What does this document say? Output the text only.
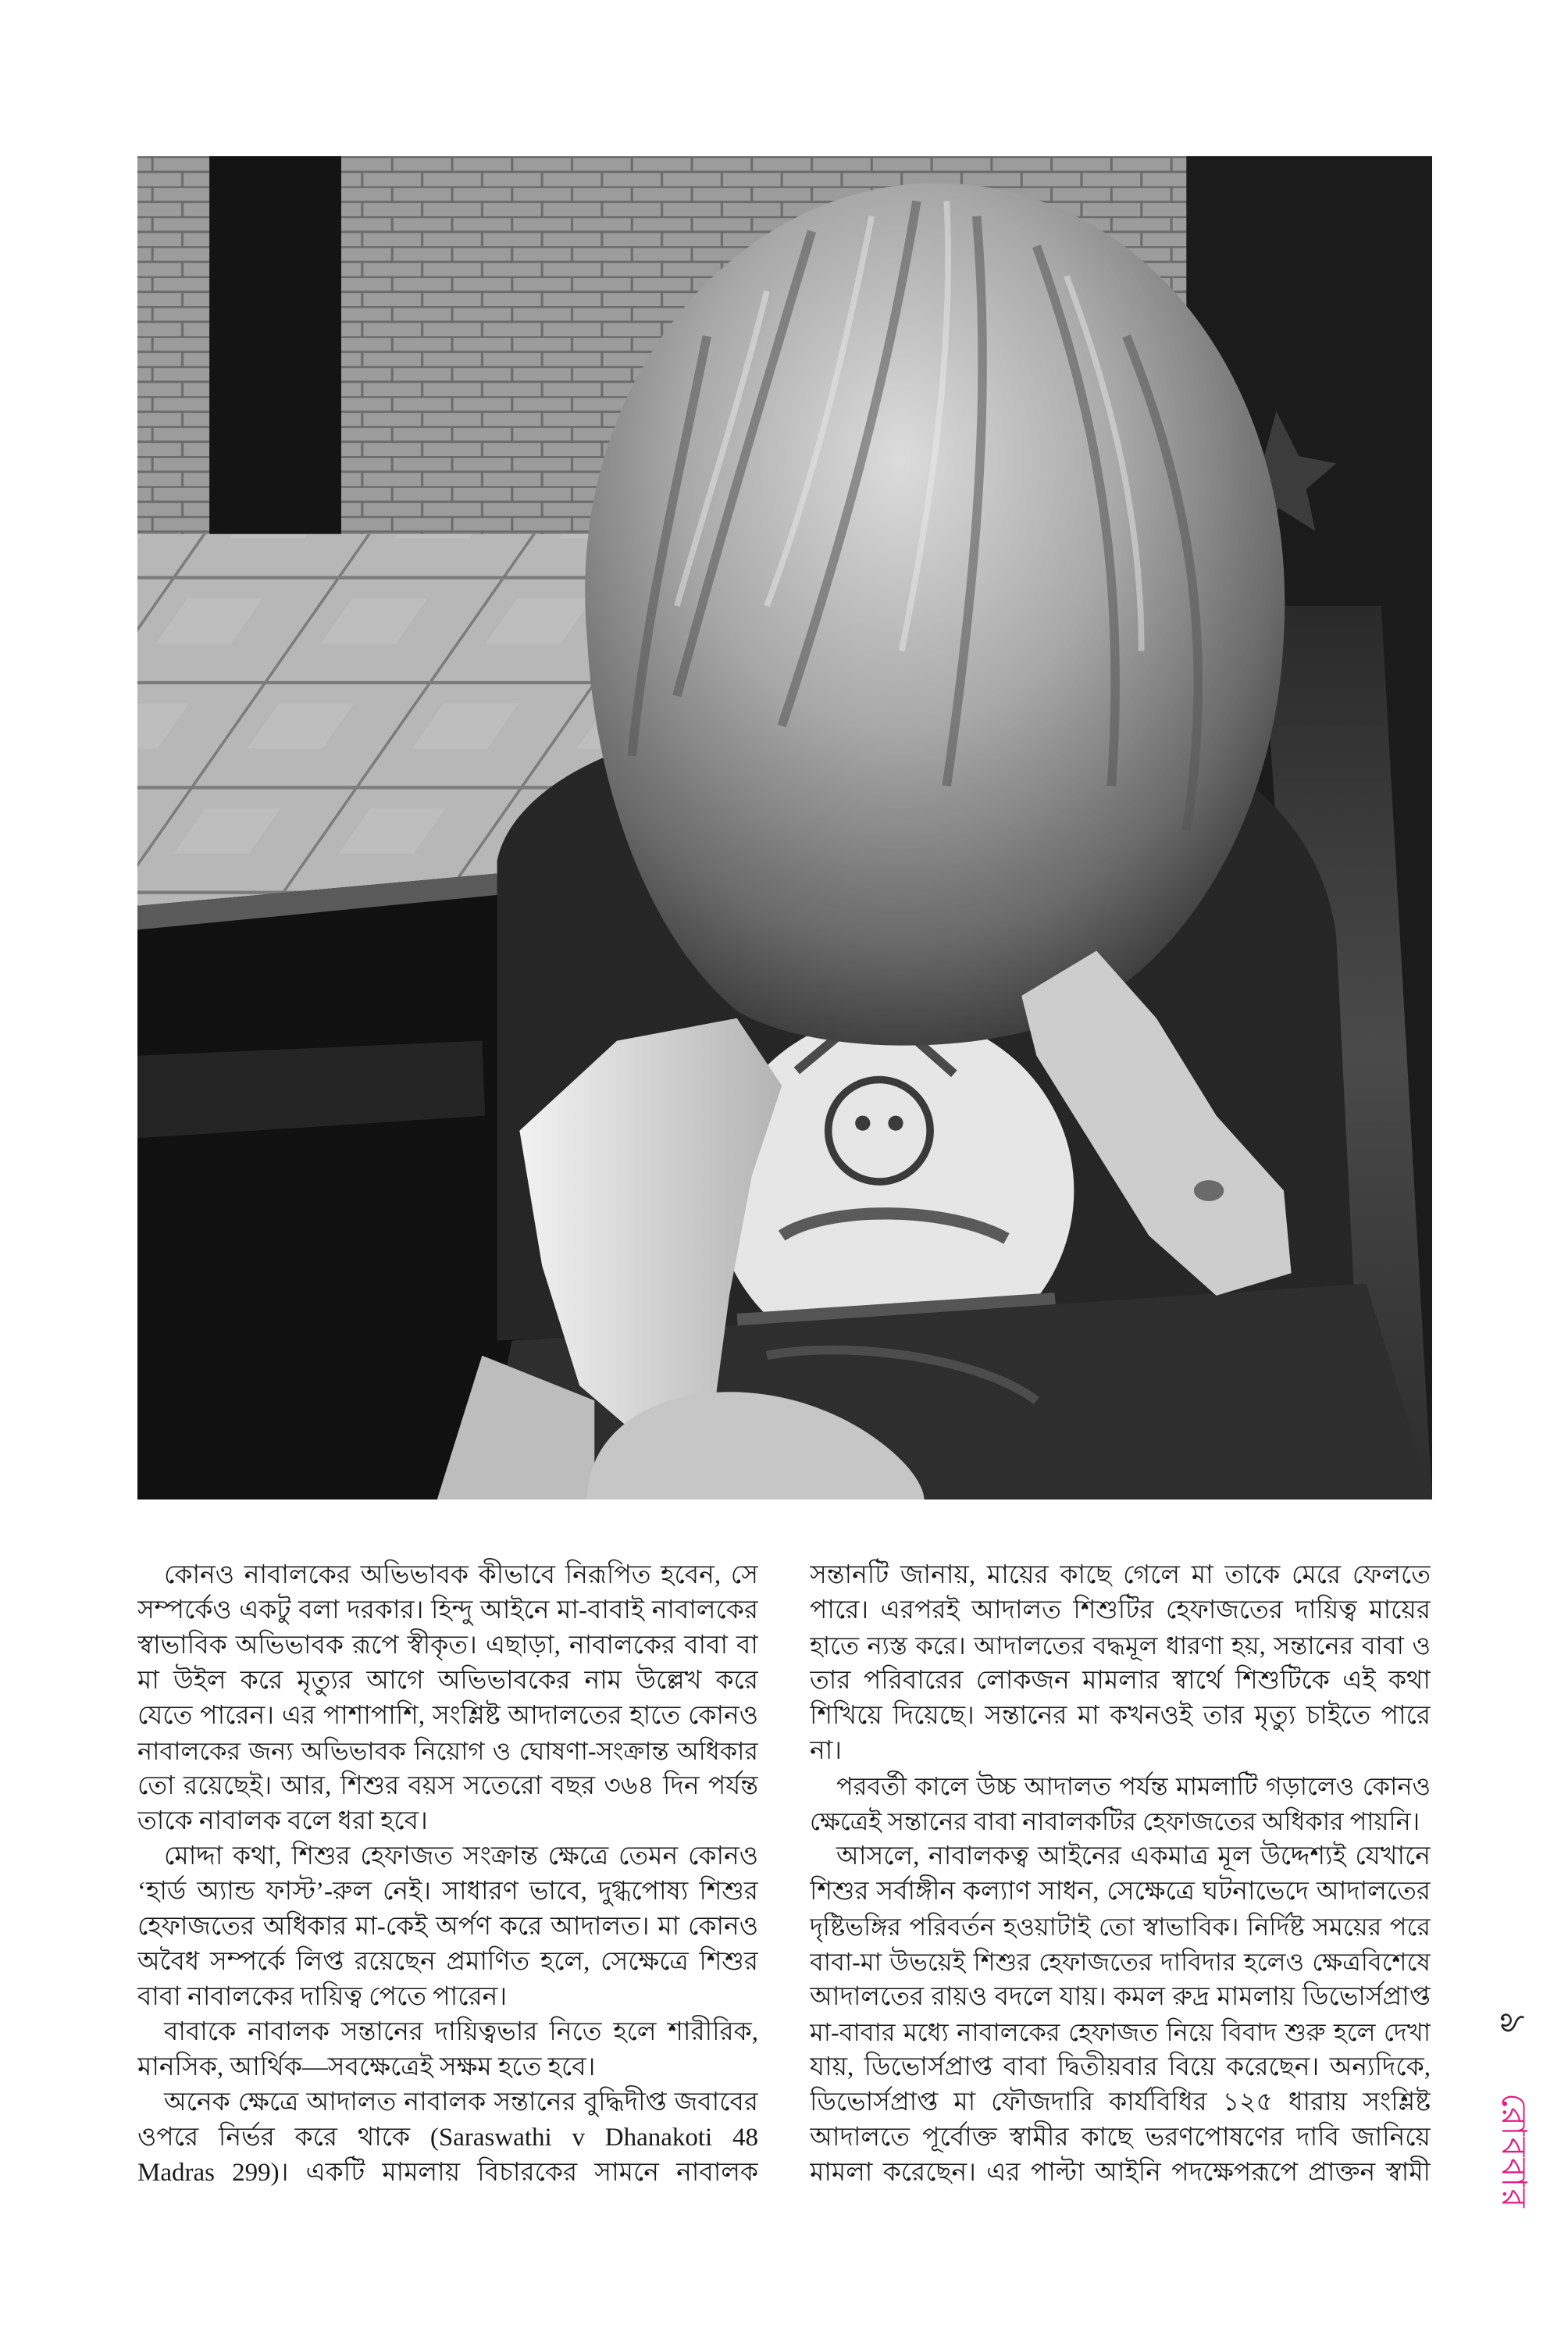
কোনও নাবালকের অভিভাবক কীভাবে নিরূপিত হবেন, সে
সম্পর্কেও একটু বলা দরকার। হিন্দু আইনে মা-বাবাই নাবালকের
স্বাভাবিক অভিভাবক রূপে স্বীকৃত। এছাড়া, নাবালকের বাবা বা
মা উইল করে মৃত্যুর আগে অভিভাবকের নাম উল্লেখ করে
যেতে পারেন। এর পাশাপাশি, সংশ্লিষ্ট আদালতের হাতে কোনও
নাবালকের জন্য অভিভাবক নিয়োগ ও ঘোষণা-সংক্রান্ত অধিকার
তো রয়েছেই। আর, শিশুর বয়স সতেরো বছর ৩৬৪ দিন পর্যন্ত
তাকে নাবালক বলে ধরা হবে।
মোদ্দা কথা, শিশুর হেফাজত সংক্রান্ত ক্ষেত্রে তেমন কোনও
‘হার্ড অ্যান্ড ফাস্ট’-রুল নেই। সাধারণ ভাবে, দুগ্ধপোষ্য শিশুর
হেফাজতের অধিকার মা-কেই অর্পণ করে আদালত। মা কোনও
অবৈধ সম্পর্কে লিপ্ত রয়েছেন প্রমাণিত হলে, সেক্ষেত্রে শিশুর
বাবা নাবালকের দায়িত্ব পেতে পারেন।
বাবাকে নাবালক সন্তানের দায়িত্বভার নিতে হলে শারীরিক,
মানসিক, আর্থিক—সবক্ষেত্রেই সক্ষম হতে হবে।
অনেক ক্ষেত্রে আদালত নাবালক সন্তানের বুদ্ধিদীপ্ত জবাবের
ওপরে নির্ভর করে থাকে (Saraswathi v Dhanakoti 48
Madras 299)। একটি মামলায় বিচারকের সামনে নাবালক
সন্তানটি জানায়, মায়ের কাছে গেলে মা তাকে মেরে ফেলতে
পারে। এরপরই আদালত শিশুটির হেফাজতের দায়িত্ব মায়ের
হাতে ন্যস্ত করে। আদালতের বদ্ধমূল ধারণা হয়, সন্তানের বাবা ও
তার পরিবারের লোকজন মামলার স্বার্থে শিশুটিকে এই কথা
শিখিয়ে দিয়েছে। সন্তানের মা কখনওই তার মৃত্যু চাইতে পারে
না।
পরবর্তী কালে উচ্চ আদালত পর্যন্ত মামলাটি গড়ালেও কোনও
ক্ষেত্রেই সন্তানের বাবা নাবালকটির হেফাজতের অধিকার পায়নি।
আসলে, নাবালকত্ব আইনের একমাত্র মূল উদ্দেশ্যই যেখানে
শিশুর সর্বাঙ্গীন কল্যাণ সাধন, সেক্ষেত্রে ঘটনাভেদে আদালতের
দৃষ্টিভঙ্গির পরিবর্তন হওয়াটাই তো স্বাভাবিক। নির্দিষ্ট সময়ের পরে
বাবা-মা উভয়েই শিশুর হেফাজতের দাবিদার হলেও ক্ষেত্রবিশেষে
আদালতের রায়ও বদলে যায়। কমল রুদ্র মামলায় ডিভোর্সপ্রাপ্ত
মা-বাবার মধ্যে নাবালকের হেফাজত নিয়ে বিবাদ শুরু হলে দেখা
যায়, ডিভোর্সপ্রাপ্ত বাবা দ্বিতীয়বার বিয়ে করেছেন। অন্যদিকে,
ডিভোর্সপ্রাপ্ত মা ফৌজদারি কার্যবিধির ১২৫ ধারায় সংশ্লিষ্ট
আদালতে পূর্বোক্ত স্বামীর কাছে ভরণপোষণের দাবি জানিয়ে
মামলা করেছেন। এর পাল্টা আইনি পদক্ষেপরূপে প্রাক্তন স্বামী
৯
রোববার
